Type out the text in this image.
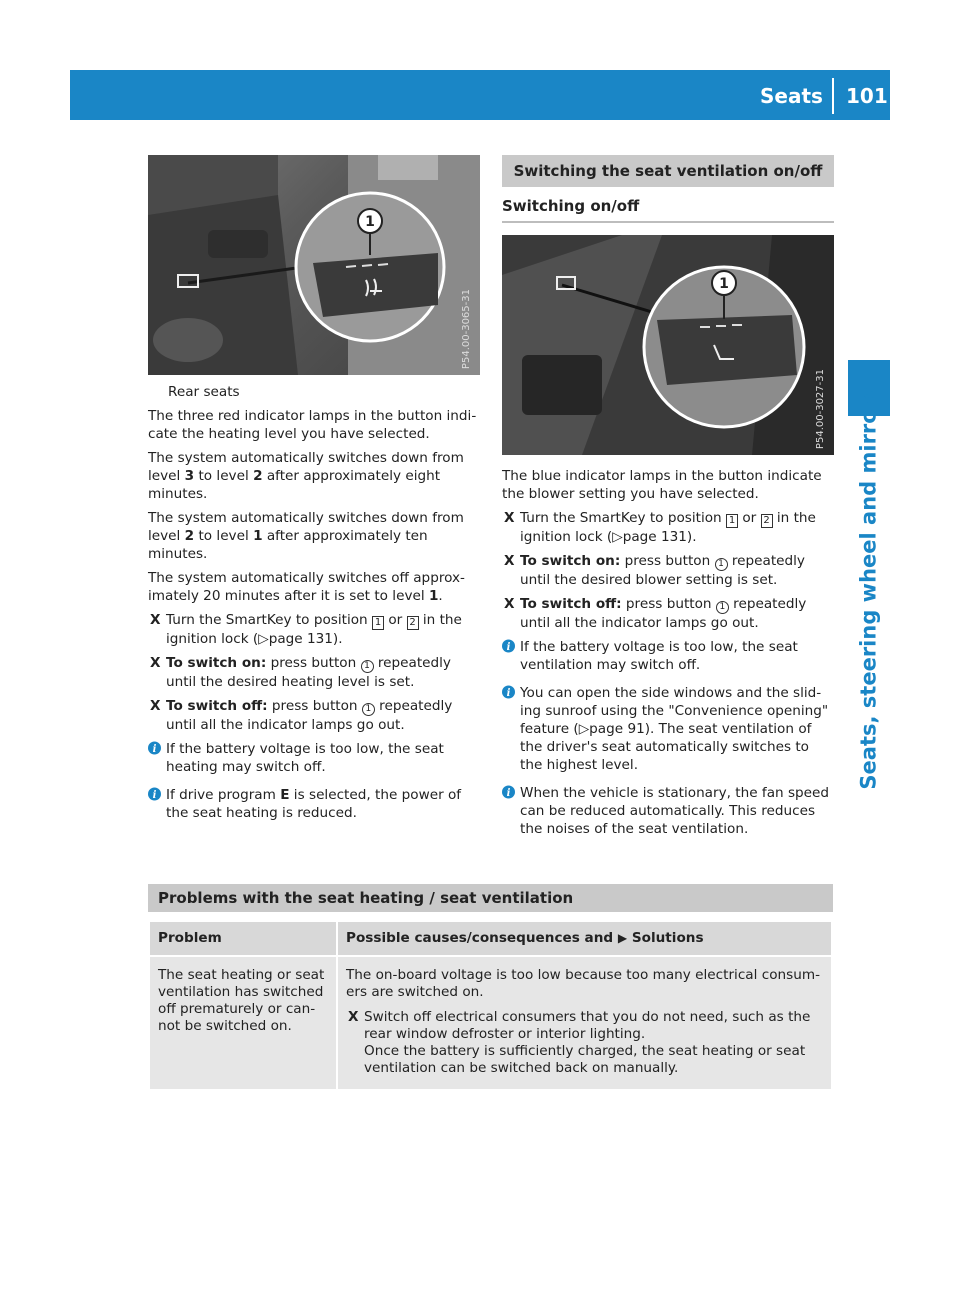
Seats 101
Seats, steering wheel and mirrors
1
P54.00-3065-31
Rear seats

The three red indicator lamps in the button indi-cate the heating level you have selected.

The system automatically switches down from level 3 to level 2 after approximately eight minutes.

The system automatically switches down from level 2 to level 1 after approximately ten minutes.

The system automatically switches off approx-imately 20 minutes after it is set to level 1.

X Turn the SmartKey to position 1 or 2 in the ignition lock (▷page 131).
X To switch on: press button 1 repeatedly until the desired heating level is set.
X To switch off: press button 1 repeatedly until all the indicator lamps go out.
i If the battery voltage is too low, the seat heating may switch off.
i If drive program E is selected, the power of the seat heating is reduced.
Switching the seat ventilation on/off
Switching on/off
1
P54.00-3027-31

The blue indicator lamps in the button indicate the blower setting you have selected.

X Turn the SmartKey to position 1 or 2 in the ignition lock (▷page 131).
X To switch on: press button 1 repeatedly until the desired blower setting is set.
X To switch off: press button 1 repeatedly until all the indicator lamps go out.
i If the battery voltage is too low, the seat ventilation may switch off.
i You can open the side windows and the slid-ing sunroof using the "Convenience opening" feature (▷page 91). The seat ventilation of the driver's seat automatically switches to the highest level.
i When the vehicle is stationary, the fan speed can be reduced automatically. This reduces the noises of the seat ventilation.
Problems with the seat heating / seat ventilation
Problem	Possible causes/consequences and ▶ Solutions
The seat heating or seat ventilation has switched off prematurely or can-not be switched on.	The on-board voltage is too low because too many electrical consum-ers are switched on.

X Switch off electrical consumers that you do not need, such as the rear window defroster or interior lighting.
Once the battery is sufficiently charged, the seat heating or seat ventilation can be switched back on manually.
